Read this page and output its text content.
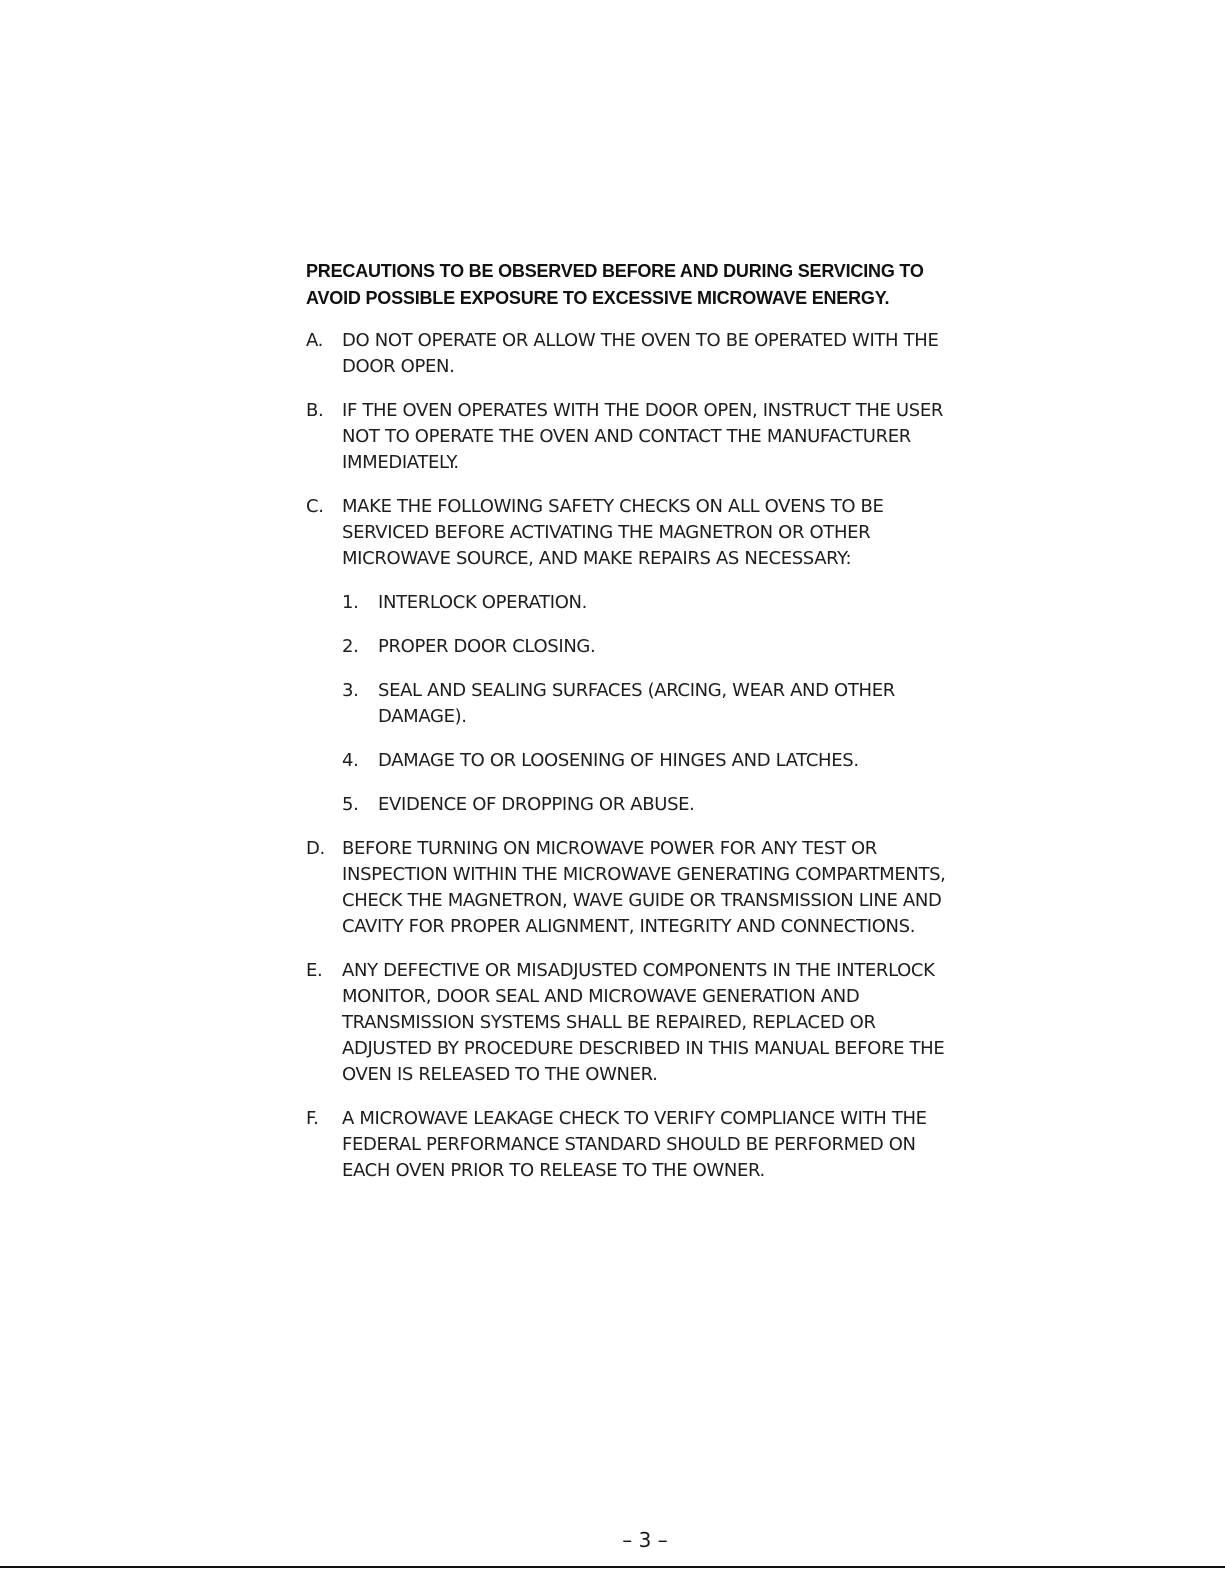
PRECAUTIONS TO BE OBSERVED BEFORE AND DURING SERVICING TO
AVOID POSSIBLE EXPOSURE TO EXCESSIVE MICROWAVE ENERGY.
A.	DO NOT OPERATE OR ALLOW THE OVEN TO BE OPERATED WITH THE
DOOR OPEN.
B.	IF THE OVEN OPERATES WITH THE DOOR OPEN, INSTRUCT THE USER
NOT TO OPERATE THE OVEN AND CONTACT THE MANUFACTURER
IMMEDIATELY.
C.	MAKE THE FOLLOWING SAFETY CHECKS ON ALL OVENS TO BE
SERVICED BEFORE ACTIVATING THE MAGNETRON OR OTHER
MICROWAVE SOURCE, AND MAKE REPAIRS AS NECESSARY:
1.	INTERLOCK OPERATION.
2.	PROPER DOOR CLOSING.
3.	SEAL AND SEALING SURFACES (ARCING, WEAR AND OTHER
DAMAGE).
4.	DAMAGE TO OR LOOSENING OF HINGES AND LATCHES.
5.	EVIDENCE OF DROPPING OR ABUSE.
D. BEFORE TURNING ON MICROWAVE POWER FOR ANY TEST OR
INSPECTION WITHIN THE MICROWAVE GENERATING COMPARTMENTS,
CHECK THE MAGNETRON, WAVE GUIDE OR TRANSMISSION LINE AND
CAVITY FOR PROPER ALIGNMENT, INTEGRITY AND CONNECTIONS.
E.	ANY DEFECTIVE OR MISADJUSTED COMPONENTS IN THE INTERLOCK
MONITOR, DOOR SEAL AND MICROWAVE GENERATION AND
TRANSMISSION SYSTEMS SHALL BE REPAIRED, REPLACED OR
ADJUSTED BY PROCEDURE DESCRIBED IN THIS MANUAL BEFORE THE
OVEN IS RELEASED TO THE OWNER.
F.	A MICROWAVE LEAKAGE CHECK TO VERIFY COMPLIANCE WITH THE
FEDERAL PERFORMANCE STANDARD SHOULD BE PERFORMED ON
EACH OVEN PRIOR TO RELEASE TO THE OWNER.
– 3 –
